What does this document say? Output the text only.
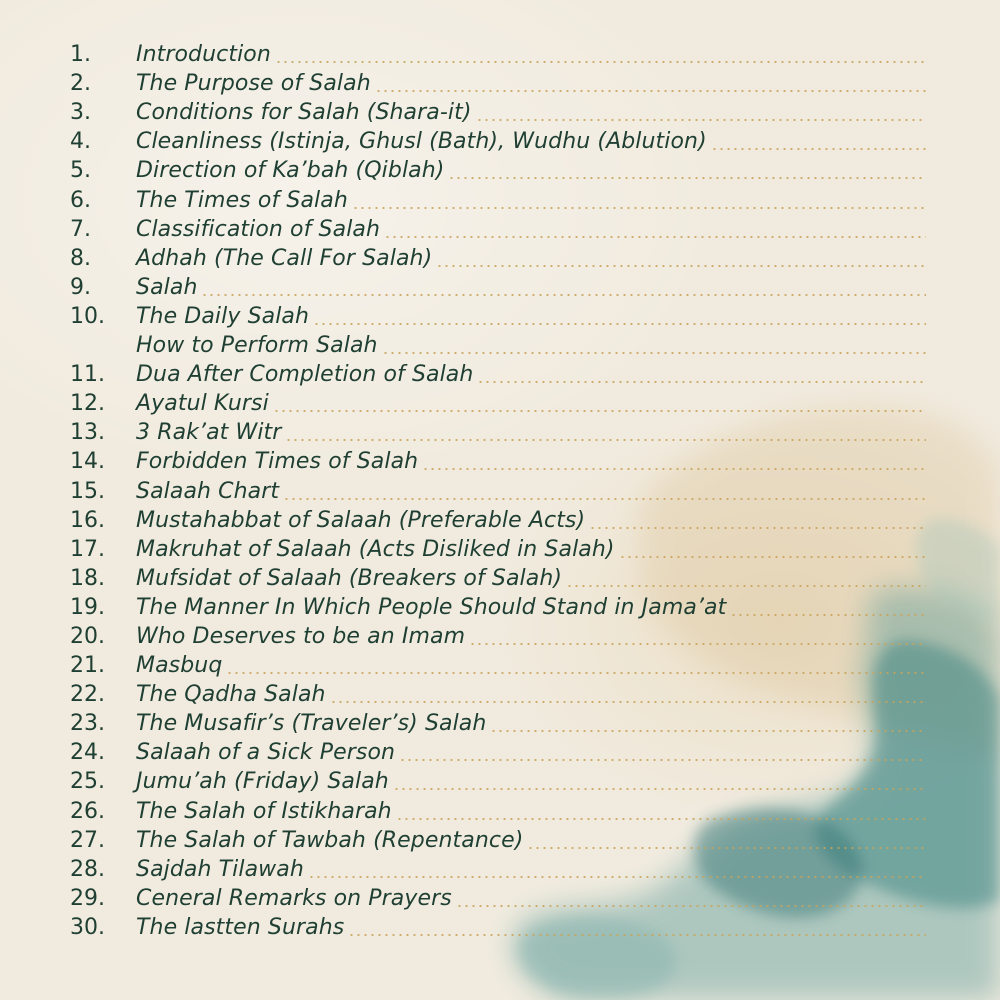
1.	Introduction
2.	The Purpose of Salah
3.	Conditions for Salah (Shara-it)
4.	Cleanliness (Istinja, Ghusl (Bath), Wudhu (Ablution)
5.	Direction of Ka’bah (Qiblah)
6.	The Times of Salah
7.	Classification of Salah
8.	Adhah (The Call For Salah)
9.	Salah
10.	The Daily Salah
How to Perform Salah
11.	Dua After Completion of Salah
12.	Ayatul Kursi
13.	3 Rak’at Witr
14.	Forbidden Times of Salah
15.	Salaah Chart
16.	Mustahabbat of Salaah (Preferable Acts)
17.	Makruhat of Salaah (Acts Disliked in Salah)
18.	Mufsidat of Salaah (Breakers of Salah)
19.	The Manner In Which People Should Stand in Jama’at
20.	Who Deserves to be an Imam
21.	Masbuq
22.	The Qadha Salah
23.	The Musafir’s (Traveler’s) Salah
24.	Salaah of a Sick Person
25.	Jumu’ah (Friday) Salah
26.	The Salah of Istikharah
27.	The Salah of Tawbah (Repentance)
28.	Sajdah Tilawah
29.	Ceneral Remarks on Prayers
30.	The lastten Surahs
